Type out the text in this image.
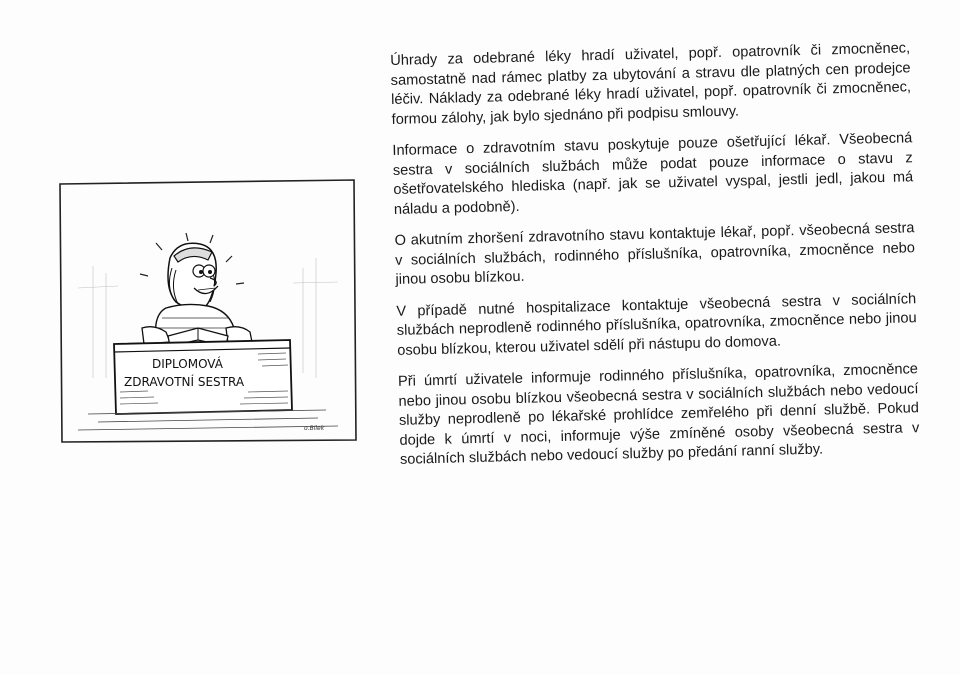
DIPLOMOVÁ
ZDRAVOTNÍ SESTRA
o.Bilek

Úhrady za odebrané léky hradí uživatel, popř. opatrovník či zmocněnec, samostatně nad rámec platby za ubytování a stravu dle platných cen prodejce léčiv. Náklady za odebrané léky hradí uživatel, popř. opatrovník či zmocněnec, formou zálohy, jak bylo sjednáno při podpisu smlouvy.

Informace o zdravotním stavu poskytuje pouze ošetřující lékař. Všeobecná sestra v sociálních službách může podat pouze informace o stavu z ošetřovatelského hlediska (např. jak se uživatel vyspal, jestli jedl, jakou má náladu a podobně).

O akutním zhoršení zdravotního stavu kontaktuje lékař, popř. všeobecná sestra v sociálních službách, rodinného příslušníka, opatrovníka, zmocněnce nebo jinou osobu blízkou.

V případě nutné hospitalizace kontaktuje všeobecná sestra v sociálních službách neprodleně rodinného příslušníka, opatrovníka, zmocněnce nebo jinou osobu blízkou, kterou uživatel sdělí při nástupu do domova.

Při úmrtí uživatele informuje rodinného příslušníka, opatrovníka, zmocněnce nebo jinou osobu blízkou všeobecná sestra v sociálních službách nebo vedoucí služby neprodleně po lékařské prohlídce zemřelého při denní službě. Pokud dojde k úmrtí v noci, informuje výše zmíněné osoby všeobecná sestra v sociálních službách nebo vedoucí služby po předání ranní služby.
